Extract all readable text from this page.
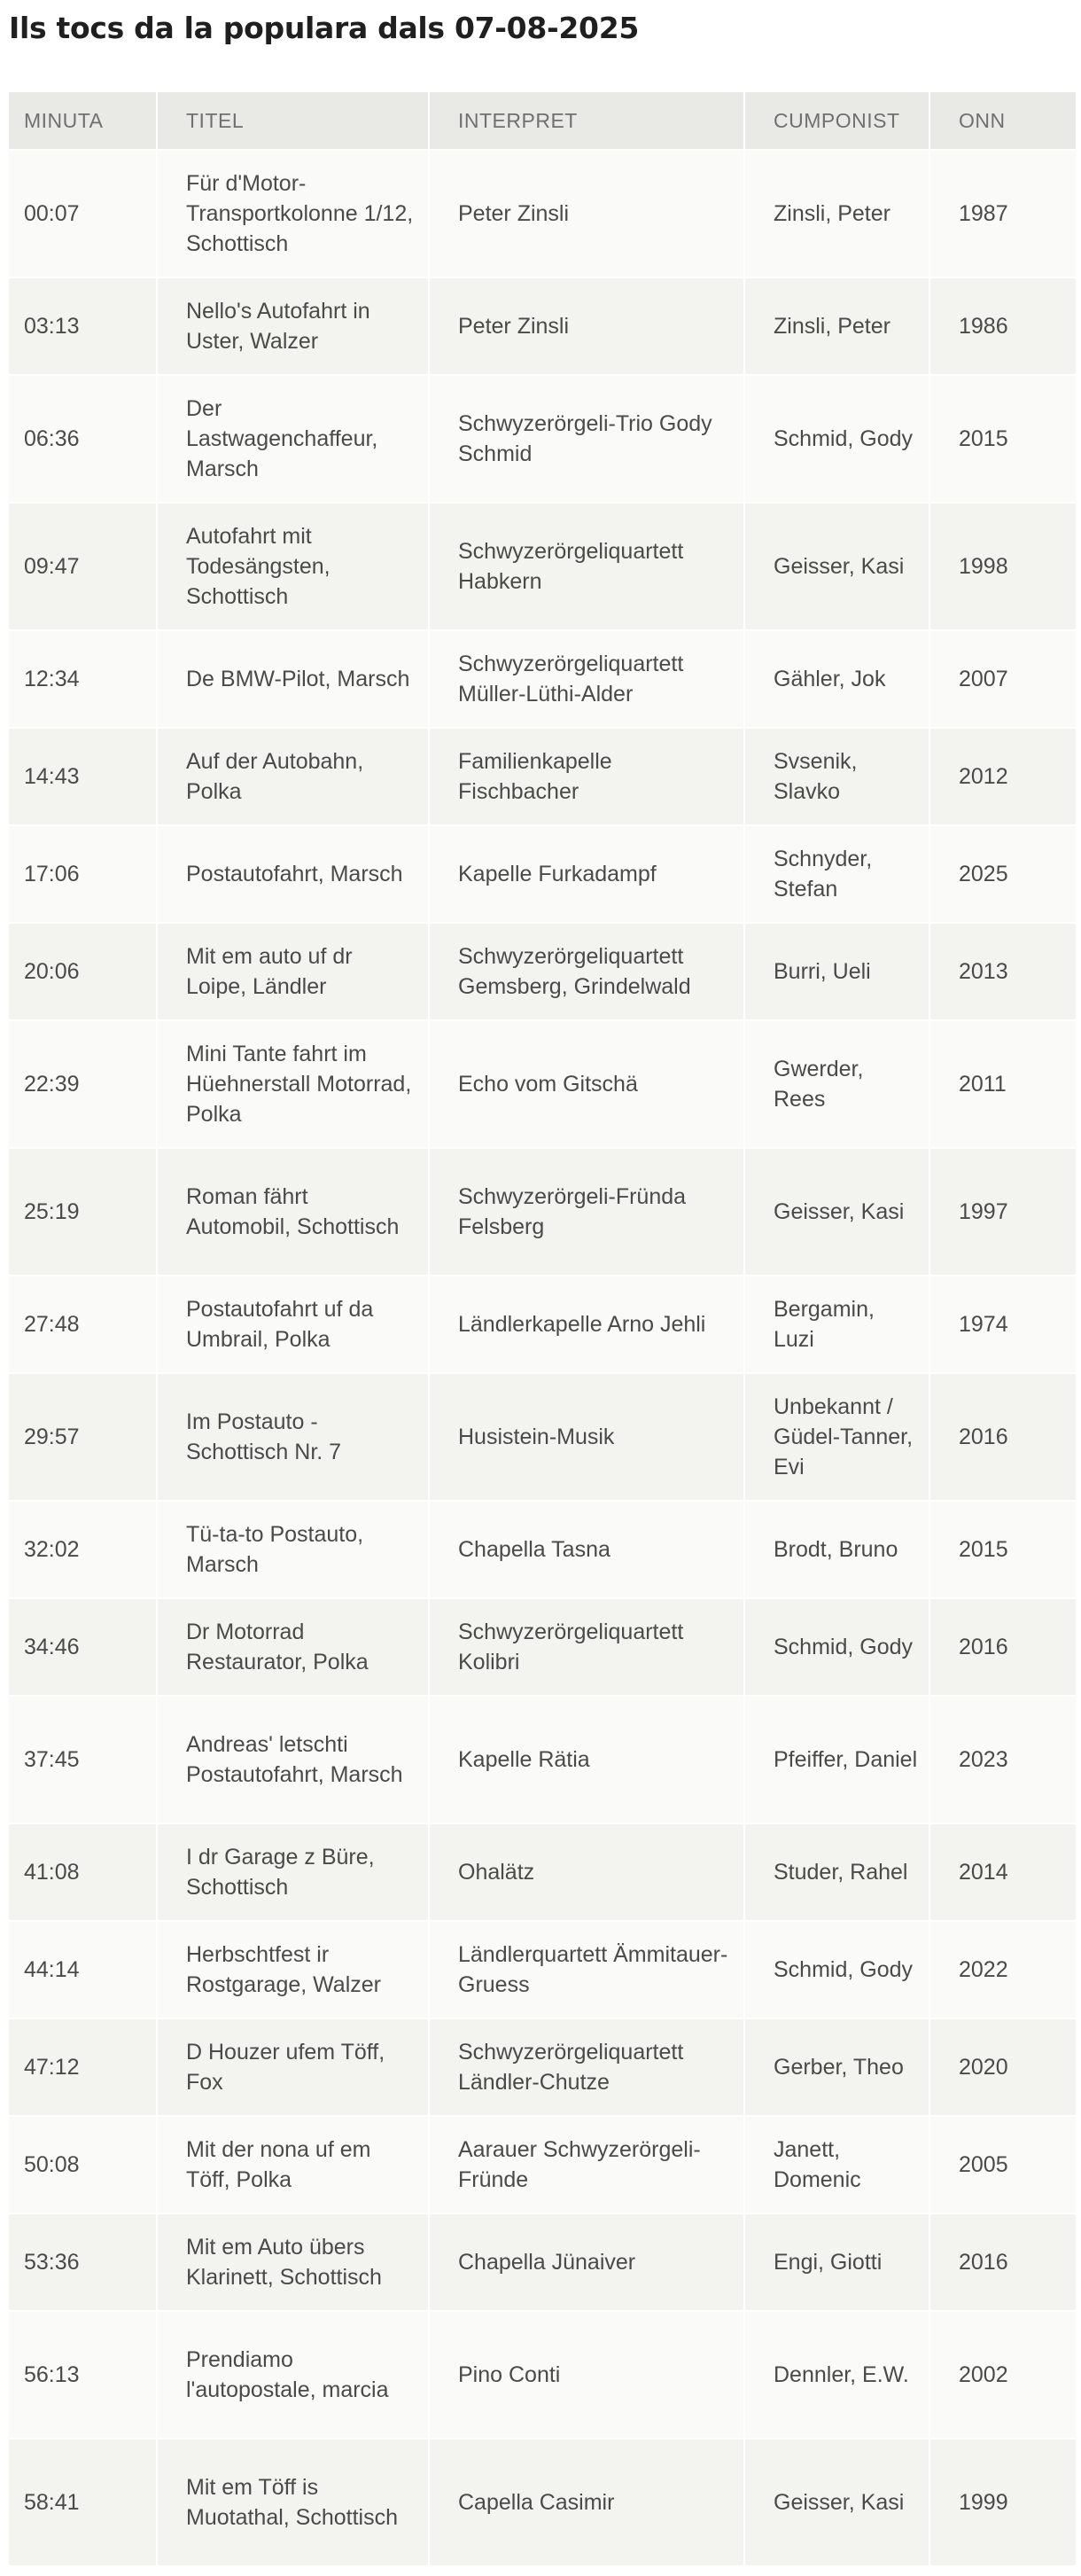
Ils tocs da la populara dals 07-08-2025
MINUTA	TITEL	INTERPRET	CUMPONIST	ONN
00:07	Für d'Motor-Transportkolonne 1/12, Schottisch	Peter Zinsli	Zinsli, Peter	1987
03:13	Nello's Autofahrt in Uster, Walzer	Peter Zinsli	Zinsli, Peter	1986
06:36	Der Lastwagenchaffeur, Marsch	Schwyzerörgeli-Trio Gody Schmid	Schmid, Gody	2015
09:47	Autofahrt mit Todesängsten, Schottisch	Schwyzerörgeliquartett Habkern	Geisser, Kasi	1998
12:34	De BMW-Pilot, Marsch	Schwyzerörgeliquartett Müller-Lüthi-Alder	Gähler, Jok	2007
14:43	Auf der Autobahn, Polka	Familienkapelle Fischbacher	Svsenik, Slavko	2012
17:06	Postautofahrt, Marsch	Kapelle Furkadampf	Schnyder, Stefan	2025
20:06	Mit em auto uf dr Loipe, Ländler	Schwyzerörgeliquartett Gemsberg, Grindelwald	Burri, Ueli	2013
22:39	Mini Tante fahrt im Hüehnerstall Motorrad, Polka	Echo vom Gitschä	Gwerder, Rees	2011
25:19	Roman fährt Automobil, Schottisch	Schwyzerörgeli-Fründa Felsberg	Geisser, Kasi	1997
27:48	Postautofahrt uf da Umbrail, Polka	Ländlerkapelle Arno Jehli	Bergamin, Luzi	1974
29:57	Im Postauto - Schottisch Nr. 7	Husistein-Musik	Unbekannt / Güdel-Tanner, Evi	2016
32:02	Tü-ta-to Postauto, Marsch	Chapella Tasna	Brodt, Bruno	2015
34:46	Dr Motorrad Restaurator, Polka	Schwyzerörgeliquartett Kolibri	Schmid, Gody	2016
37:45	Andreas' letschti Postautofahrt, Marsch	Kapelle Rätia	Pfeiffer, Daniel	2023
41:08	I dr Garage z Büre, Schottisch	Ohalätz	Studer, Rahel	2014
44:14	Herbschtfest ir Rostgarage, Walzer	Ländlerquartett Ämmitauer-Gruess	Schmid, Gody	2022
47:12	D Houzer ufem Töff, Fox	Schwyzerörgeliquartett Ländler-Chutze	Gerber, Theo	2020
50:08	Mit der nona uf em Töff, Polka	Aarauer Schwyzerörgeli-Fründe	Janett, Domenic	2005
53:36	Mit em Auto übers Klarinett, Schottisch	Chapella Jünaiver	Engi, Giotti	2016
56:13	Prendiamo l'autopostale, marcia	Pino Conti	Dennler, E.W.	2002
58:41	Mit em Töff is Muotathal, Schottisch	Capella Casimir	Geisser, Kasi	1999
